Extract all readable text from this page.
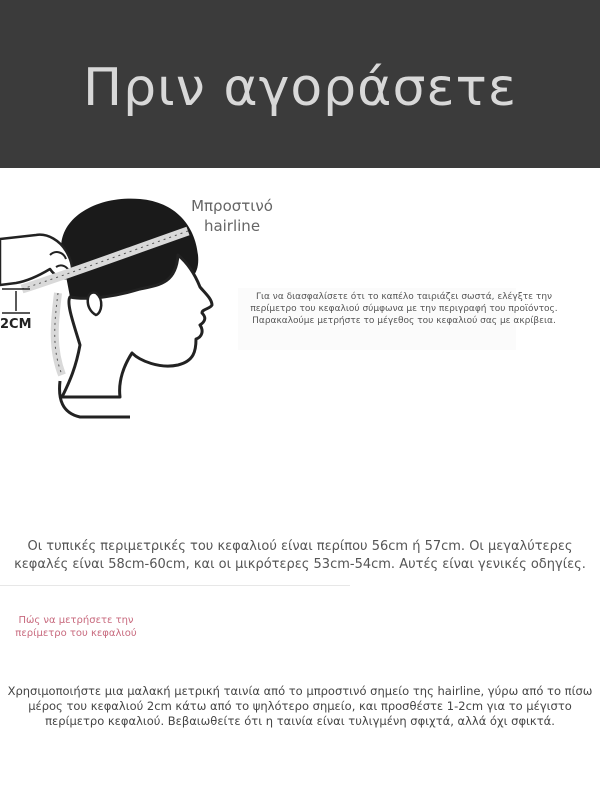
Πριν αγοράσετε
2CM
Μπροστινό hairline
Για να διασφαλίσετε ότι το καπέλο ταιριάζει σωστά, ελέγξτε την περίμετρο του κεφαλιού σύμφωνα με την περιγραφή του προϊόντος. Παρακαλούμε μετρήστε το μέγεθος του κεφαλιού σας με ακρίβεια.
Οι τυπικές περιμετρικές του κεφαλιού είναι περίπου 56cm ή 57cm. Οι μεγαλύτερες κεφαλές είναι 58cm-60cm, και οι μικρότερες 53cm-54cm. Αυτές είναι γενικές οδηγίες.
Πώς να μετρήσετε την περίμετρο του κεφαλιού
Χρησιμοποιήστε μια μαλακή μετρική ταινία από το μπροστινό σημείο της hairline, γύρω από το πίσω μέρος του κεφαλιού 2cm κάτω από το ψηλότερο σημείο, και προσθέστε 1-2cm για το μέγιστο περίμετρο κεφαλιού. Βεβαιωθείτε ότι η ταινία είναι τυλιγμένη σφιχτά, αλλά όχι σφικτά.
